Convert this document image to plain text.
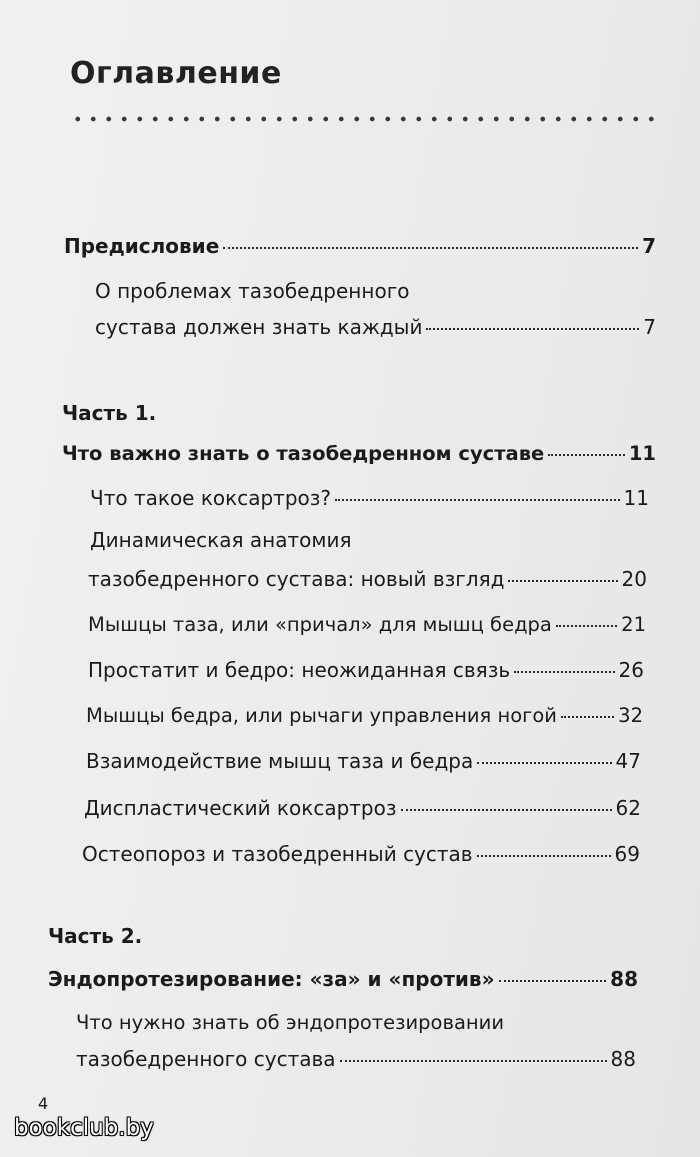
Оглавление
Предисловие	7
О проблемах тазобедренного
сустава должен знать каждый	7
Часть 1.
Что важно знать о тазобедренном суставе	11
Что такое коксартроз?	11
Динамическая анатомия
тазобедренного сустава: новый взгляд	20
Мышцы таза, или «причал» для мышц бедра	21
Простатит и бедро: неожиданная связь	26
Мышцы бедра, или рычаги управления ногой	32
Взаимодействие мышц таза и бедра	47
Диспластический коксартроз	62
Остеопороз и тазобедренный сустав	69
Часть 2.
Эндопротезирование: «за» и «против»	88
Что нужно знать об эндопротезировании
тазобедренного сустава	88
4
bookclub.by
